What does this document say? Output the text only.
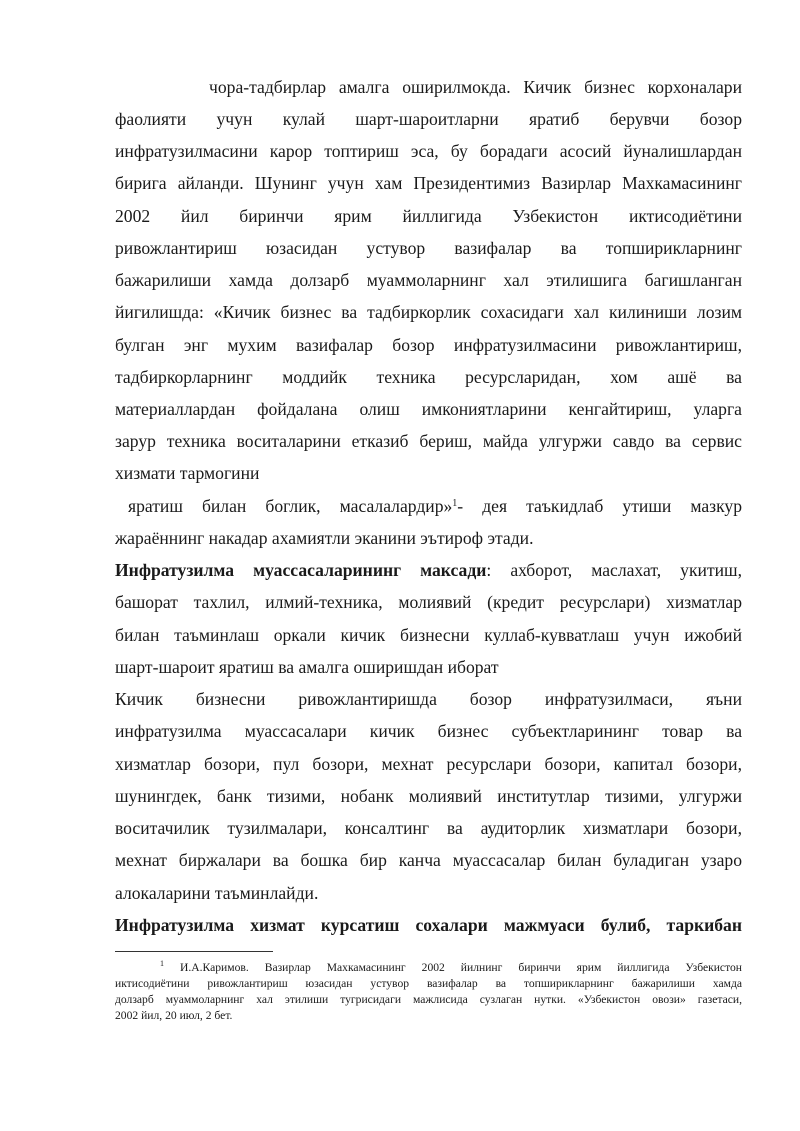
чора-тадбирлар амалга оширилмокда. Кичик бизнес корхоналари
фаолияти учун кулай шарт-шароитларни яратиб берувчи бозор
инфратузилмасини карор топтириш эса, бу борадаги асосий йуналишлардан
бирига айланди. Шунинг учун хам Президентимиз Вазирлар Махкамасининг
2002 йил биринчи ярим йиллигида Узбекистон иктисодиётини
ривожлантириш юзасидан устувор вазифалар ва топширикларнинг
бажарилиши хамда долзарб муаммоларнинг хал этилишига багишланган
йигилишда: «Кичик бизнес ва тадбиркорлик сохасидаги хал килиниши лозим
булган энг мухим вазифалар бозор инфратузилмасини ривожлантириш,
тадбиркорларнинг моддийк техника ресурсларидан, хом ашё ва
материаллардан фойдалана олиш имкониятларини кенгайтириш, уларга
зарур техника воситаларини етказиб бериш, майда улгуржи савдо ва сервис
хизмати тармогини
яратиш билан боглик, масалалардир»$^1$- дея таъкидлаб утиши мазкур
жараённинг накадар ахамиятли эканини эътироф этади.
Инфратузилма муассасаларининг максади: ахборот, маслахат, укитиш,
башорат тахлил, илмий-техника, молиявий (кредит ресурслари) хизматлар
билан таъминлаш оркали кичик бизнесни куллаб-кувватлаш учун ижобий
шарт-шароит яратиш ва амалга оширишдан иборат
Кичик бизнесни ривожлантиришда бозор инфратузилмаси, яъни
инфратузилма муассасалари кичик бизнес субъектларининг товар ва
хизматлар бозори, пул бозори, мехнат ресурслари бозори, капитал бозори,
шунингдек, банк тизими, нобанк молиявий институтлар тизими, улгуржи
воситачилик тузилмалари, консалтинг ва аудиторлик хизматлари бозори,
мехнат биржалари ва бошка бир канча муассасалар билан буладиган узаро
алокаларини таъминлайди.
Инфратузилма хизмат курсатиш сохалари мажмуаси булиб, таркибан
$^1$ И.А.Каримов. Вазирлар Махкамасининг 2002 йилнинг биринчи ярим йиллигида Узбекистон
иктисодиётини ривожлантириш юзасидан устувор вазифалар ва топширикларнинг бажарилиши хамда
долзарб муаммоларнинг хал этилиши тугрисидаги мажлисида сузлаган нутки. «Узбекистон овози» газетаси,
2002 йил, 20 июл, 2 бет.
